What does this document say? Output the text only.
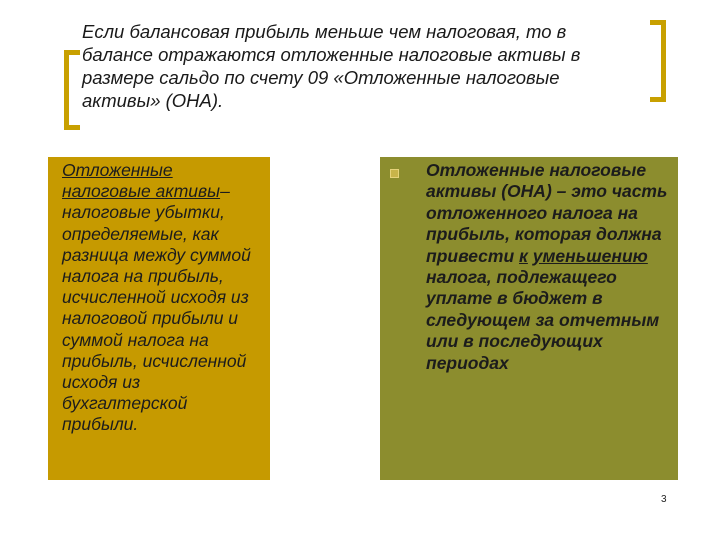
Если балансовая прибыль меньше чем налоговая, то в балансе отражаются отложенные налоговые активы в размере сальдо по счету 09 «Отложенные налоговые активы» (ОНА).

Отложенные налоговые активы– налоговые убытки, определяемые, как разница между суммой налога на прибыль, исчисленной исходя из налоговой прибыли и суммой налога на прибыль, исчисленной исходя из бухгалтерской прибыли.

Отложенные налоговые активы (ОНА) – это часть отложенного налога на прибыль, которая должна привести к уменьшению налога, подлежащего уплате в бюджет в следующем за отчетным или в последующих периодах

3
